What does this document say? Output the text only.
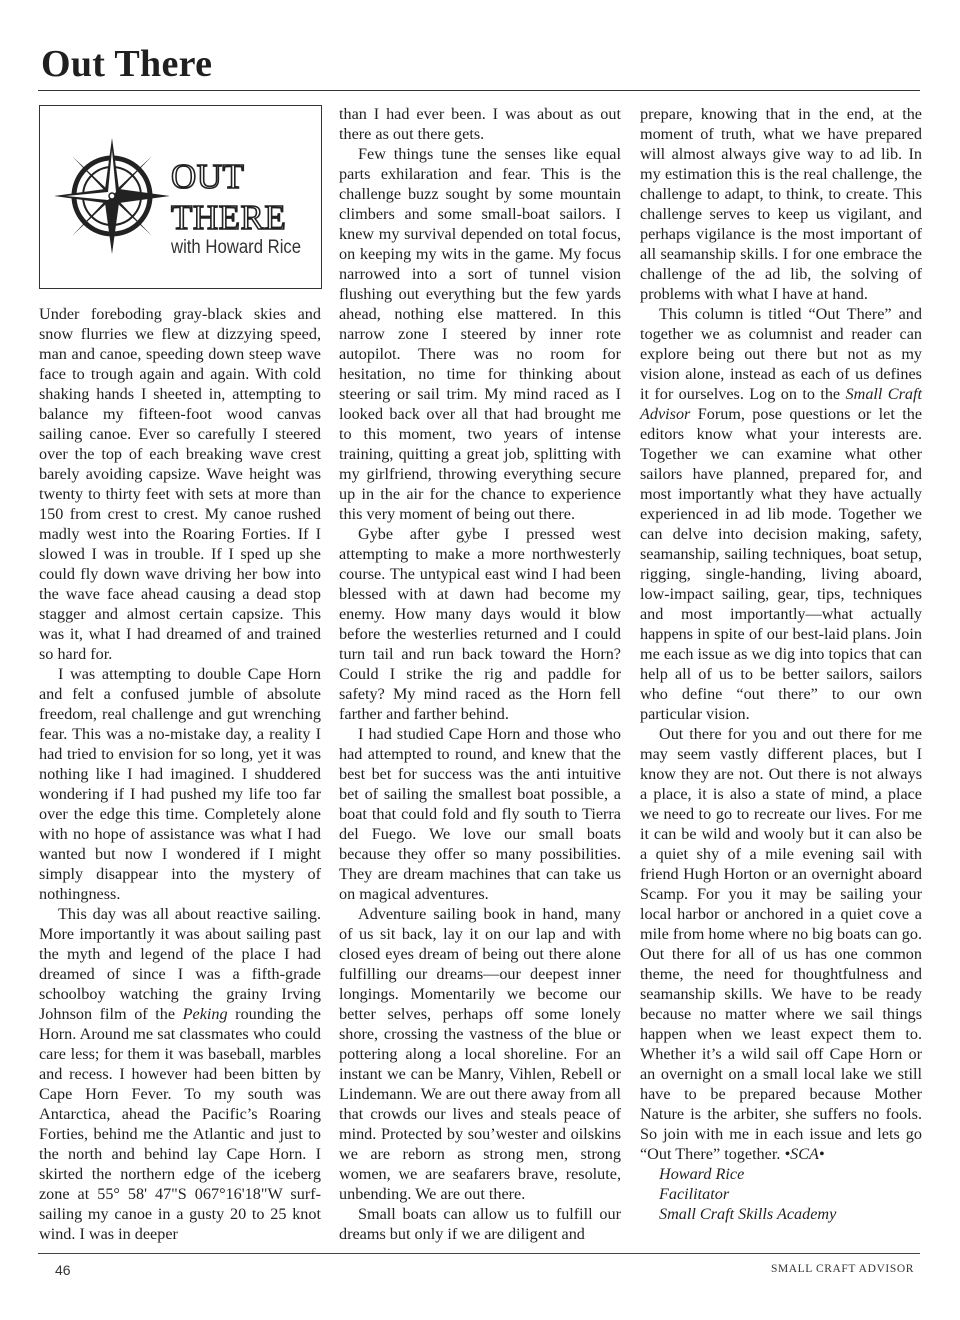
Out There
OUT
THERE
with Howard Rice

Under foreboding gray-black skies and snow flurries we flew at dizzying speed, man and canoe, speeding down steep wave face to trough again and again. With cold shaking hands I sheeted in, attempting to balance my fifteen-foot wood canvas sailing canoe. Ever so carefully I steered over the top of each breaking wave crest barely avoiding capsize. Wave height was twenty to thirty feet with sets at more than 150 from crest to crest. My canoe rushed madly west into the Roaring Forties. If I slowed I was in trouble. If I sped up she could fly down wave driving her bow into the wave face ahead causing a dead stop stagger and almost certain capsize. This was it, what I had dreamed of and trained so hard for.

I was attempting to double Cape Horn and felt a confused jumble of absolute freedom, real challenge and gut wrenching fear. This was a no-mistake day, a reality I had tried to envision for so long, yet it was nothing like I had imagined. I shuddered wondering if I had pushed my life too far over the edge this time. Completely alone with no hope of assistance was what I had wanted but now I wondered if I might simply disappear into the mystery of nothingness.

This day was all about reactive sailing. More importantly it was about sailing past the myth and legend of the place I had dreamed of since I was a fifth-grade schoolboy watching the grainy Irving Johnson film of the Peking rounding the Horn. Around me sat classmates who could care less; for them it was baseball, marbles and recess. I however had been bitten by Cape Horn Fever. To my south was Antarctica, ahead the Pacific’s Roaring Forties, behind me the Atlantic and just to the north and behind lay Cape Horn. I skirted the northern edge of the iceberg zone at 55° 58' 47"S 067°16'18"W surf-sailing my canoe in a gusty 20 to 25 knot wind. I was in deeper

than I had ever been. I was about as out there as out there gets.

Few things tune the senses like equal parts exhilaration and fear. This is the challenge buzz sought by some mountain climbers and some small-boat sailors. I knew my survival depended on total focus, on keeping my wits in the game. My focus narrowed into a sort of tunnel vision flushing out everything but the few yards ahead, nothing else mattered. In this narrow zone I steered by inner rote autopilot. There was no room for hesitation, no time for thinking about steering or sail trim. My mind raced as I looked back over all that had brought me to this moment, two years of intense training, quitting a great job, splitting with my girlfriend, throwing everything secure up in the air for the chance to experience this very moment of being out there.

Gybe after gybe I pressed west attempting to make a more northwesterly course. The untypical east wind I had been blessed with at dawn had become my enemy. How many days would it blow before the westerlies returned and I could turn tail and run back toward the Horn? Could I strike the rig and paddle for safety? My mind raced as the Horn fell farther and farther behind.

I had studied Cape Horn and those who had attempted to round, and knew that the best bet for success was the anti intuitive bet of sailing the smallest boat possible, a boat that could fold and fly south to Tierra del Fuego. We love our small boats because they offer so many possibilities. They are dream machines that can take us on magical adventures.

Adventure sailing book in hand, many of us sit back, lay it on our lap and with closed eyes dream of being out there alone fulfilling our dreams—our deepest inner longings. Momentarily we become our better selves, perhaps off some lonely shore, crossing the vastness of the blue or pottering along a local shoreline. For an instant we can be Manry, Vihlen, Rebell or Lindemann. We are out there away from all that crowds our lives and steals peace of mind. Protected by sou’wester and oilskins we are reborn as strong men, strong women, we are seafarers brave, resolute, unbending. We are out there.

Small boats can allow us to fulfill our dreams but only if we are diligent and

prepare, knowing that in the end, at the moment of truth, what we have prepared will almost always give way to ad lib. In my estimation this is the real challenge, the challenge to adapt, to think, to create. This challenge serves to keep us vigilant, and perhaps vigilance is the most important of all seamanship skills. I for one embrace the challenge of the ad lib, the solving of problems with what I have at hand.

This column is titled “Out There” and together we as columnist and reader can explore being out there but not as my vision alone, instead as each of us defines it for ourselves. Log on to the Small Craft Advisor Forum, pose questions or let the editors know what your interests are. Together we can examine what other sailors have planned, prepared for, and most importantly what they have actually experienced in ad lib mode. Together we can delve into decision making, safety, seamanship, sailing techniques, boat setup, rigging, single-handing, living aboard, low-impact sailing, gear, tips, techniques and most importantly—what actually happens in spite of our best-laid plans. Join me each issue as we dig into topics that can help all of us to be better sailors, sailors who define “out there” to our own particular vision.

Out there for you and out there for me may seem vastly different places, but I know they are not. Out there is not always a place, it is also a state of mind, a place we need to go to recreate our lives. For me it can be wild and wooly but it can also be a quiet shy of a mile evening sail with friend Hugh Horton or an overnight aboard Scamp. For you it may be sailing your local harbor or anchored in a quiet cove a mile from home where no big boats can go. Out there for all of us has one common theme, the need for thoughtfulness and seamanship skills. We have to be ready because no matter where we sail things happen when we least expect them to. Whether it’s a wild sail off Cape Horn or an overnight on a small local lake we still have to be prepared because Mother Nature is the arbiter, she suffers no fools. So join with me in each issue and lets go “Out There” together. •SCA•

Howard Rice
Facilitator
Small Craft Skills Academy
46	SMALL CRAFT ADVISOR
